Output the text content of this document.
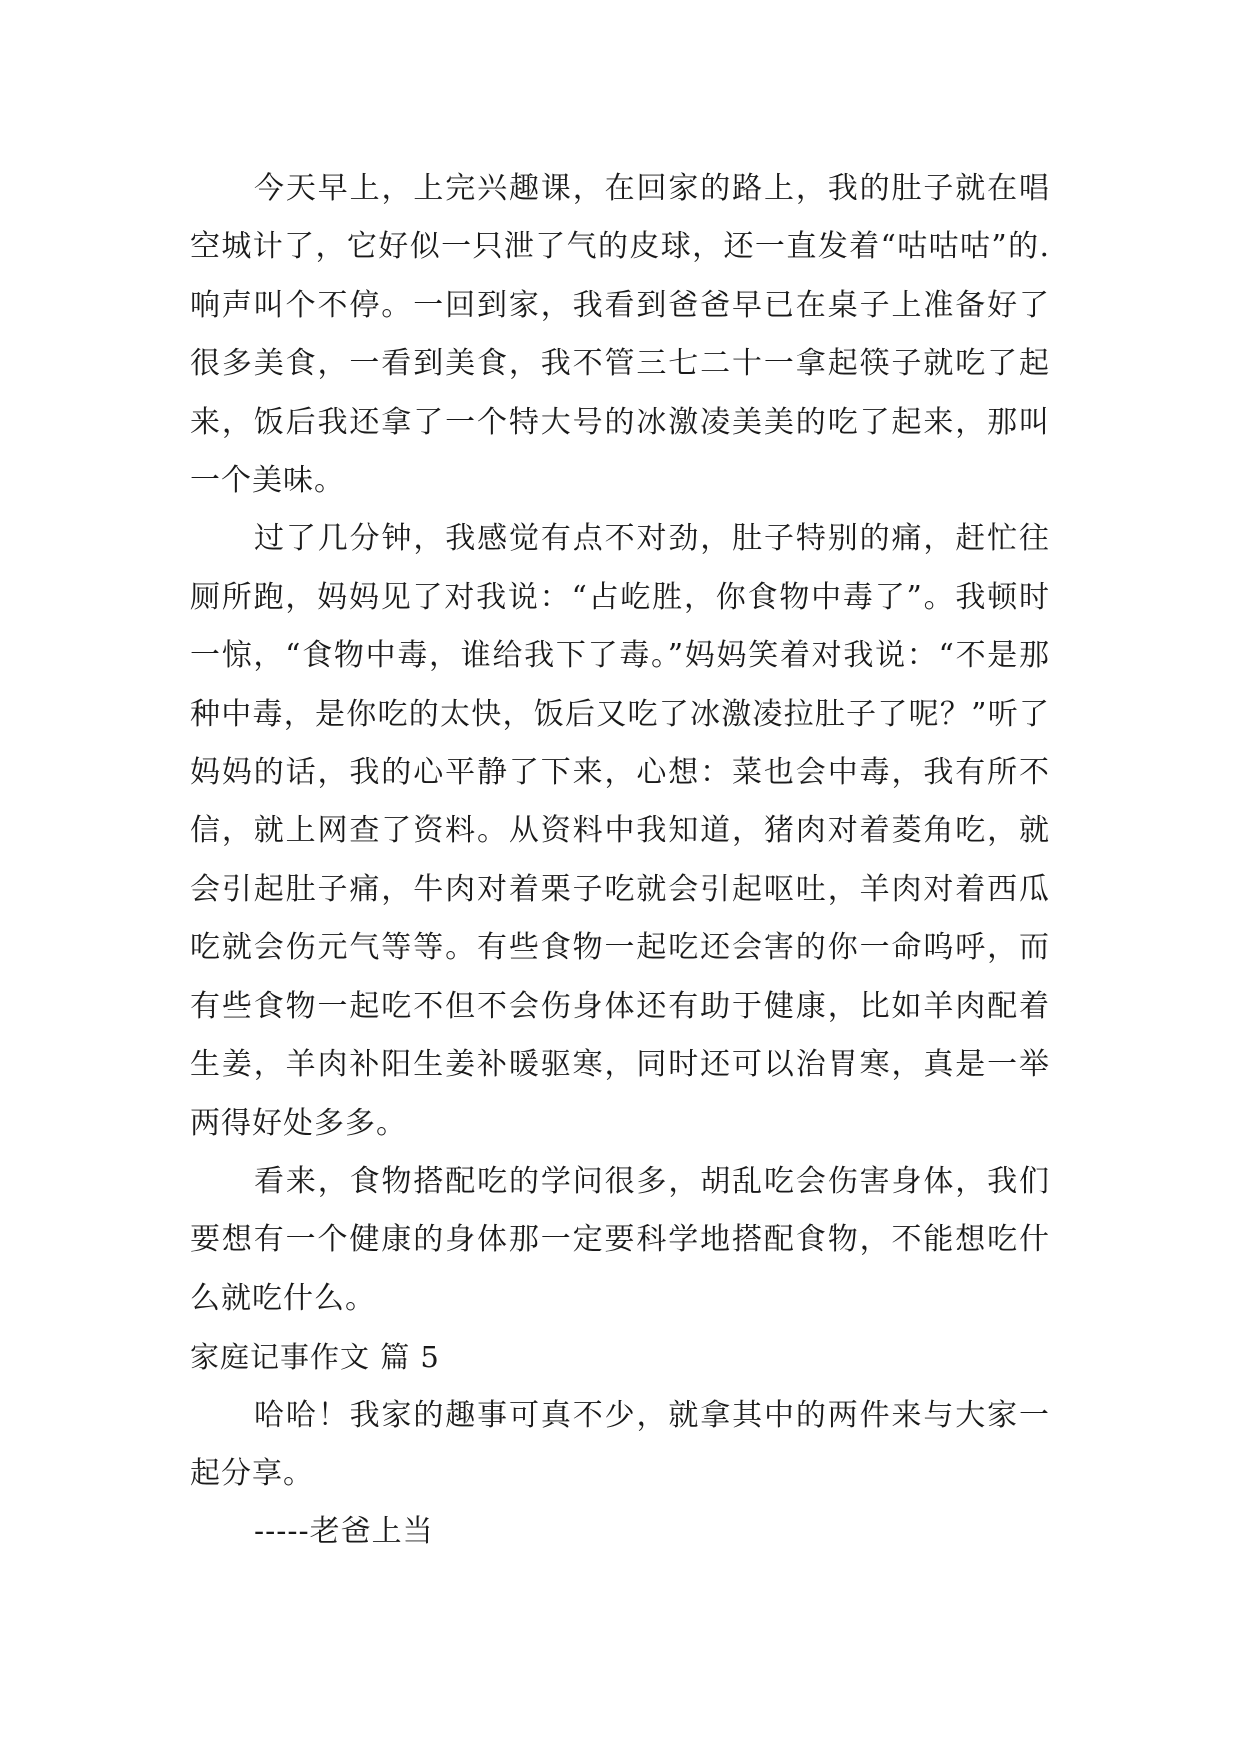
今天早上，上完兴趣课，在回家的路上，我的肚子就在唱空城计了，它好似一只泄了气的皮球，还一直发着“咕咕咕”的.响声叫个不停。一回到家，我看到爸爸早已在桌子上准备好了很多美食，一看到美食，我不管三七二十一拿起筷子就吃了起来，饭后我还拿了一个特大号的冰激凌美美的吃了起来，那叫一个美味。

过了几分钟，我感觉有点不对劲，肚子特别的痛，赶忙往厕所跑，妈妈见了对我说：“占屹胜，你食物中毒了”。我顿时一惊，“食物中毒，谁给我下了毒。”妈妈笑着对我说：“不是那种中毒，是你吃的太快，饭后又吃了冰激凌拉肚子了呢？”听了妈妈的话，我的心平静了下来，心想：菜也会中毒，我有所不信，就上网查了资料。从资料中我知道，猪肉对着菱角吃，就会引起肚子痛，牛肉对着栗子吃就会引起呕吐，羊肉对着西瓜吃就会伤元气等等。有些食物一起吃还会害的你一命呜呼，而有些食物一起吃不但不会伤身体还有助于健康，比如羊肉配着生姜，羊肉补阳生姜补暖驱寒，同时还可以治胃寒，真是一举两得好处多多。

看来，食物搭配吃的学问很多，胡乱吃会伤害身体，我们要想有一个健康的身体那一定要科学地搭配食物，不能想吃什么就吃什么。

家庭记事作文 篇 5

哈哈！我家的趣事可真不少，就拿其中的两件来与大家一起分享。

-----老爸上当
